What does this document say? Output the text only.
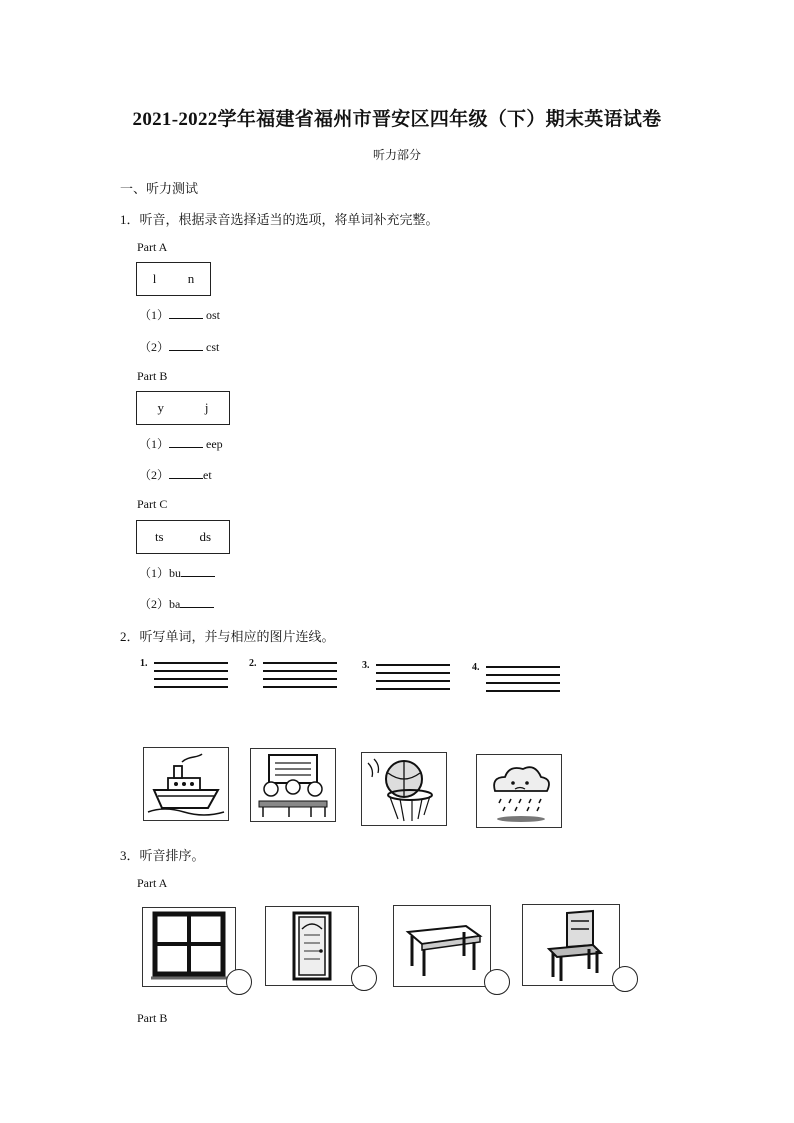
2021-2022学年福建省福州市晋安区四年级（下）期末英语试卷
听力部分
一、听力测试
1．听音，根据录音选择适当的选项，将单词补充完整。
Part A
l n
（1）	ost
（2）	cst
Part B
y	j
（1）	eep
（2）	et
Part C
ts	ds
（1）bu
（2）ba
2．听写单词，并与相应的图片连线。
1.	2.	3.	4.
3．听音排序。
Part A
Part B
